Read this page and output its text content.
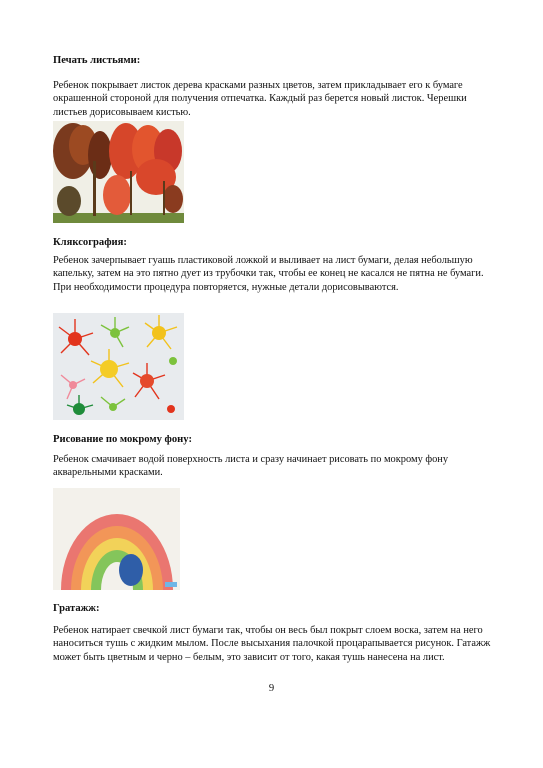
Печать листьями:

Ребенок покрывает листок дерева красками разных цветов, затем прикладывает его к бумаге окрашенной стороной для получения отпечатка. Каждый раз берется новый листок. Черешки листьев дорисовываем кистью.

Кляксография:

Ребенок зачерпывает гуашь пластиковой ложкой и выливает на лист бумаги, делая небольшую капельку, затем на это пятно дует из трубочки так, чтобы ее конец не касался не пятна не бумаги. При необходимости процедура повторяется, нужные детали дорисовываются.

Рисование по мокрому фону:

Ребенок смачивает водой поверхность листа и сразу начинает рисовать по мокрому фону акварельными красками.

Гратажж:

Ребенок натирает свечкой лист бумаги так, чтобы он весь был покрыт слоем воска, затем на него наноситься тушь с жидким мылом. После высыхания палочкой процарапывается рисунок. Гатажж может быть цветным и черно – белым, это зависит от того, какая тушь нанесена на лист.

9
